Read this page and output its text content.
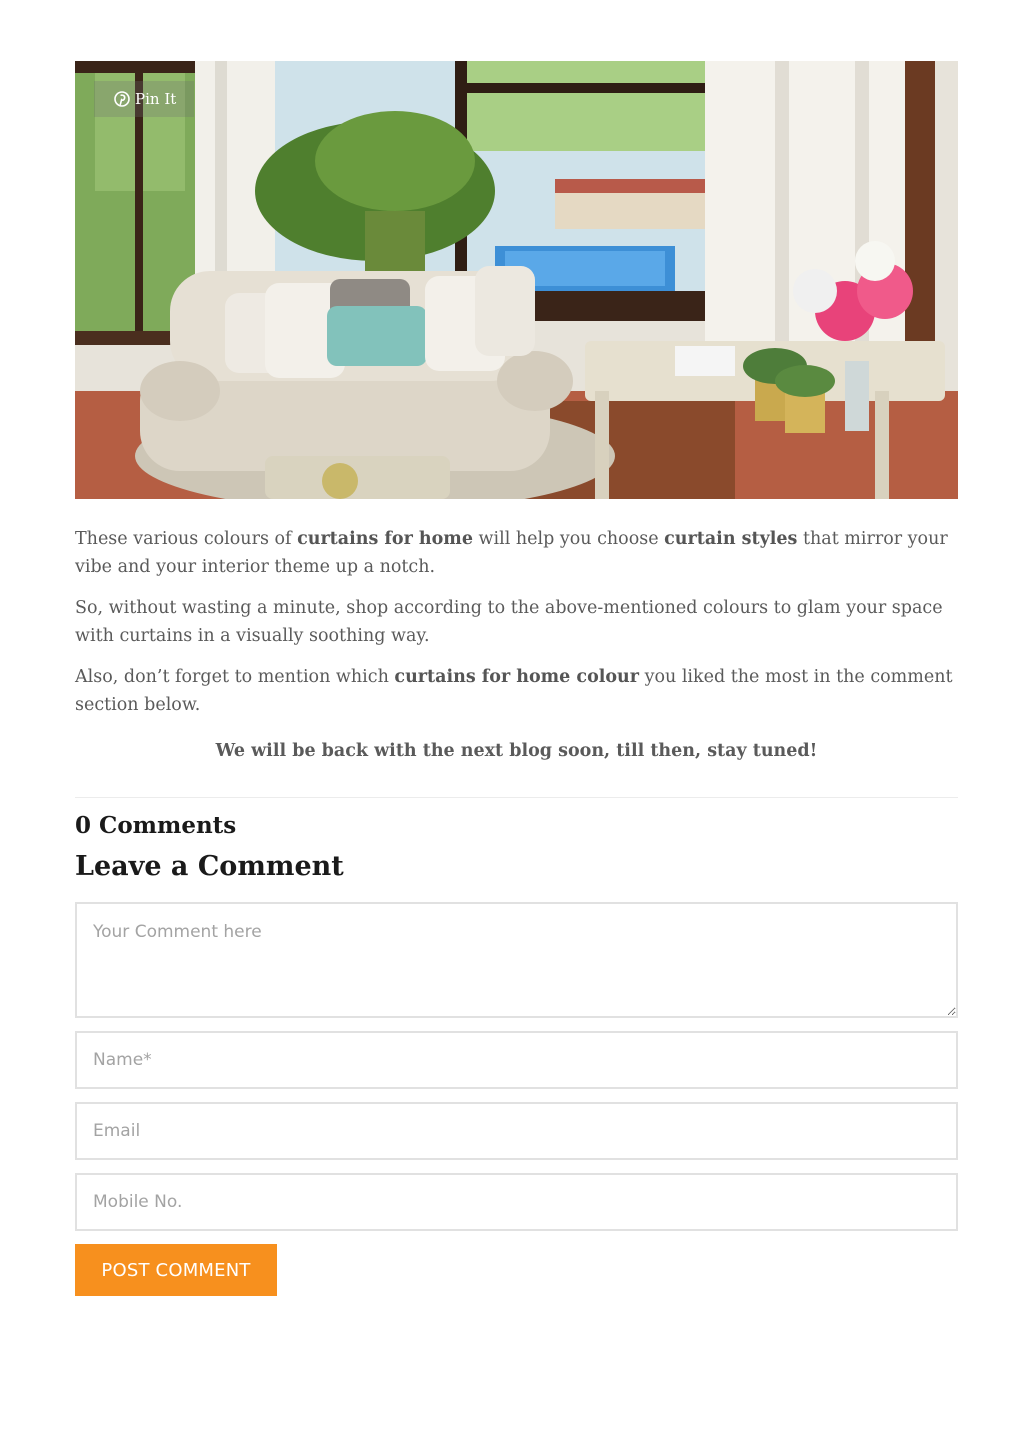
Pin It

These various colours of curtains for home will help you choose curtain styles that mirror your vibe and your interior theme up a notch.

So, without wasting a minute, shop according to the above-mentioned colours to glam your space with curtains in a visually soothing way.

Also, don’t forget to mention which curtains for home colour you liked the most in the comment section below.

We will be back with the next blog soon, till then, stay tuned!

0 Comments
Leave a Comment
Your Comment here
Name*
Email
Mobile No. POST COMMENT
